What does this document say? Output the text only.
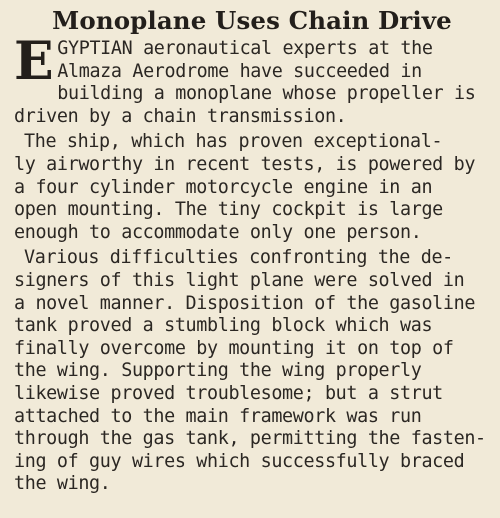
Monoplane Uses Chain Drive
E GYPTIAN aeronautical experts at the
Almaza Aerodrome have succeeded in
building a monoplane whose propeller is
driven by a chain transmission.
The ship, which has proven exceptional-
ly airworthy in recent tests, is powered by
a four cylinder motorcycle engine in an
open mounting. The tiny cockpit is large
enough to accommodate only one person.
Various difficulties confronting the de-
signers of this light plane were solved in
a novel manner. Disposition of the gasoline
tank proved a stumbling block which was
finally overcome by mounting it on top of
the wing. Supporting the wing properly
likewise proved troublesome; but a strut
attached to the main framework was run
through the gas tank, permitting the fasten-
ing of guy wires which successfully braced
the wing.
